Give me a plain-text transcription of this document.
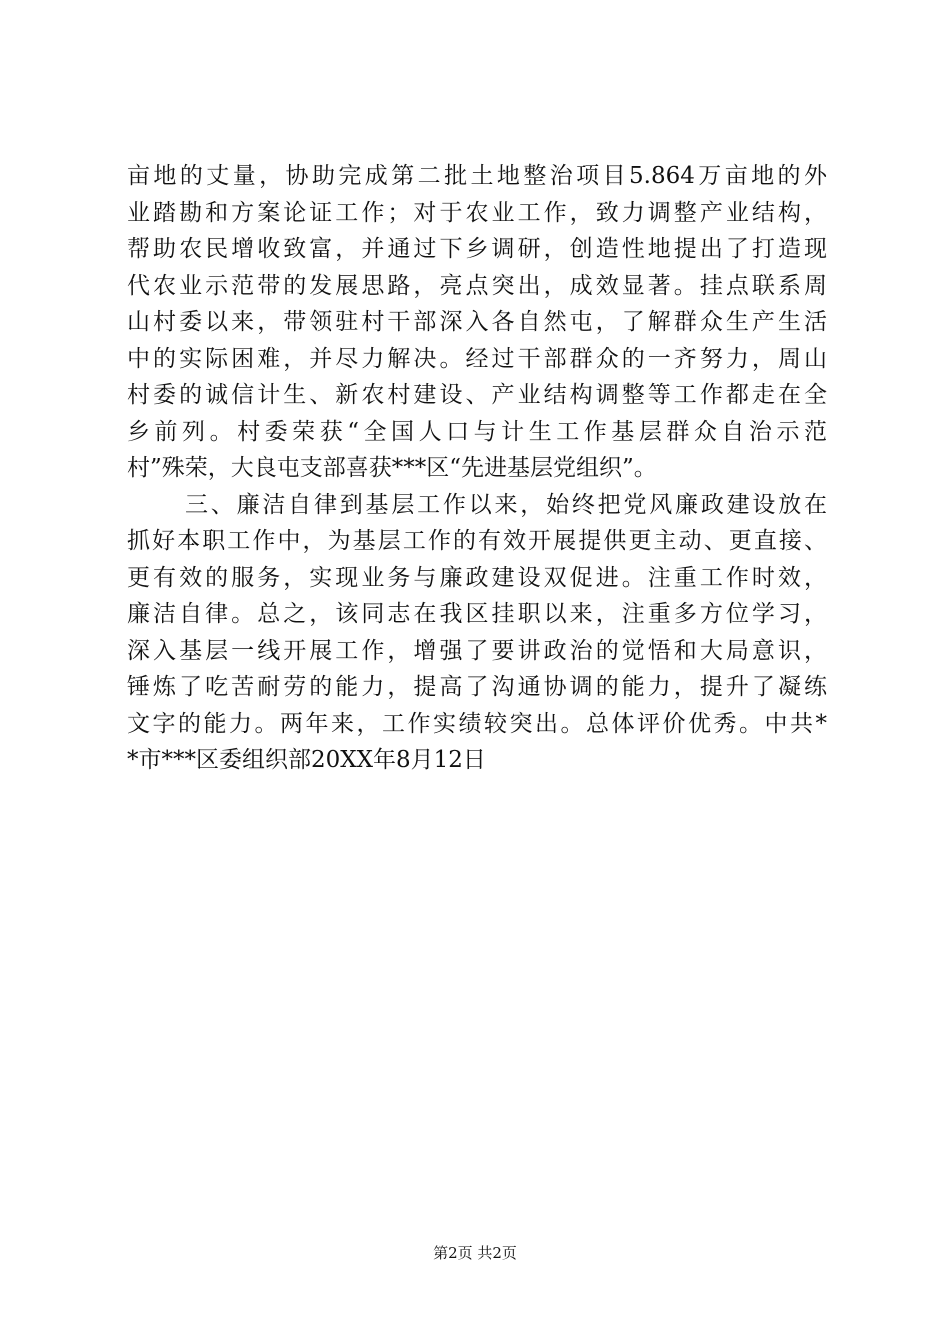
亩地的丈量，协助完成第二批土地整治项目5.864万亩地的外
业踏勘和方案论证工作；对于农业工作，致力调整产业结构，
帮助农民增收致富，并通过下乡调研，创造性地提出了打造现
代农业示范带的发展思路，亮点突出，成效显著。挂点联系周
山村委以来，带领驻村干部深入各自然屯，了解群众生产生活
中的实际困难，并尽力解决。经过干部群众的一齐努力，周山
村委的诚信计生、新农村建设、产业结构调整等工作都走在全
乡前列。村委荣获“全国人口与计生工作基层群众自治示范
村”殊荣，大良屯支部喜获***区“先进基层党组织”。
三、廉洁自律到基层工作以来，始终把党风廉政建设放在
抓好本职工作中，为基层工作的有效开展提供更主动、更直接、
更有效的服务，实现业务与廉政建设双促进。注重工作时效，
廉洁自律。总之，该同志在我区挂职以来，注重多方位学习，
深入基层一线开展工作，增强了要讲政治的觉悟和大局意识，
锤炼了吃苦耐劳的能力，提高了沟通协调的能力，提升了凝练
文字的能力。两年来，工作实绩较突出。总体评价优秀。中共*
*市***区委组织部20XX年8月12日
第2页 共2页
